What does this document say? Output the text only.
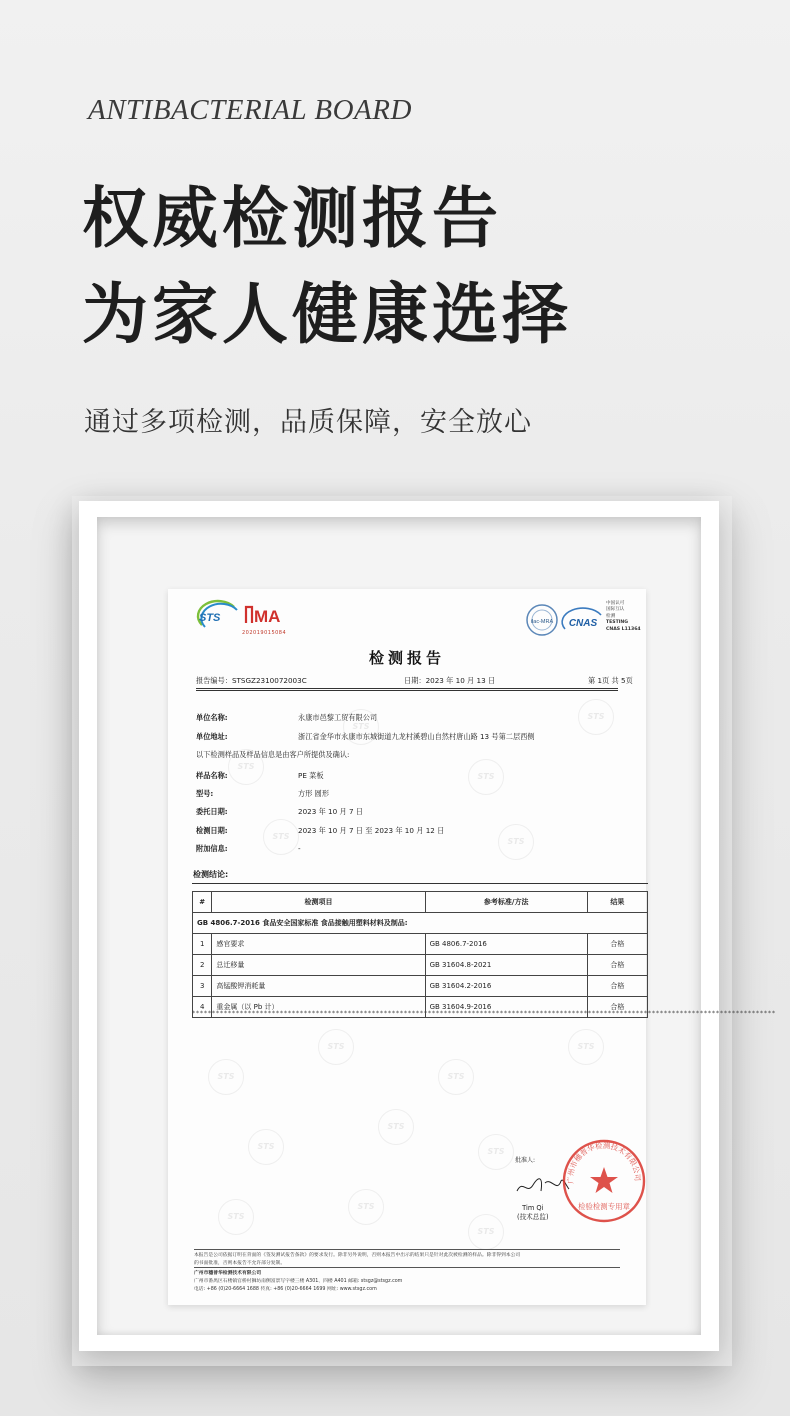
ANTIBACTERIAL BOARD
权威检测报告
为家人健康选择
通过多项检测，品质保障，安全放心
STS
STS
STS
STS
STS
STS
STS
STS
STS
STS
STS
STS
STS
STS
STS
STS
STS MA
202019015084
ilac-MRA CNAS
中国认可
国际互认
检测
TESTING
CNAS L11364
检测报告
报告编号：STSGZ2310072003C	日期：2023 年 10 月 13 日	第 1页 共 5页
单位名称:	永康市邑黎工贸有限公司
单位地址:	浙江省金华市永康市东城街道九龙村溪碧山自然村唐山路 13 号第二层西侧
以下检测样品及样品信息是由客户所提供及确认:
样品名称:	PE 菜板
型号:	方形 圆形
委托日期:	2023 年 10 月 7 日
检测日期:	2023 年 10 月 7 日 至 2023 年 10 月 12 日
附加信息:	-
检测结论:
#	检测项目	参考标准/方法	结果
GB 4806.7-2016 食品安全国家标准 食品接触用塑料材料及制品:			
1	感官要求	GB 4806.7-2016	合格
2	总迁移量	GB 31604.8-2021	合格
3	高锰酸钾消耗量	GB 31604.2-2016	合格
4	重金属（以 Pb 计）	GB 31604.9-2016	合格
**************************************************************************************************************************************************
批准人:
Tim Qi
(技术总监)
广州市穗普华检测技术有限公司
检验检测专用章
本报告是公司依据订明在背面的《签发测试报告条款》的要求发行。除非另外说明，否则本报告中出示的结果只是针对此次被检测的样品。除非得到本公司
的书面批准，否则本报告不允许部分复制。
广州市穗普华检测技术有限公司
广州市番禺区石楼镇官桥村狮坊南侧富景写字楼三楼 A301、四楼 A401 邮箱: stsgz@stsgz.com
电话: +86 (0)20-6664 1688 传真: +86 (0)20-6664 1699 网址: www.stsgz.com
